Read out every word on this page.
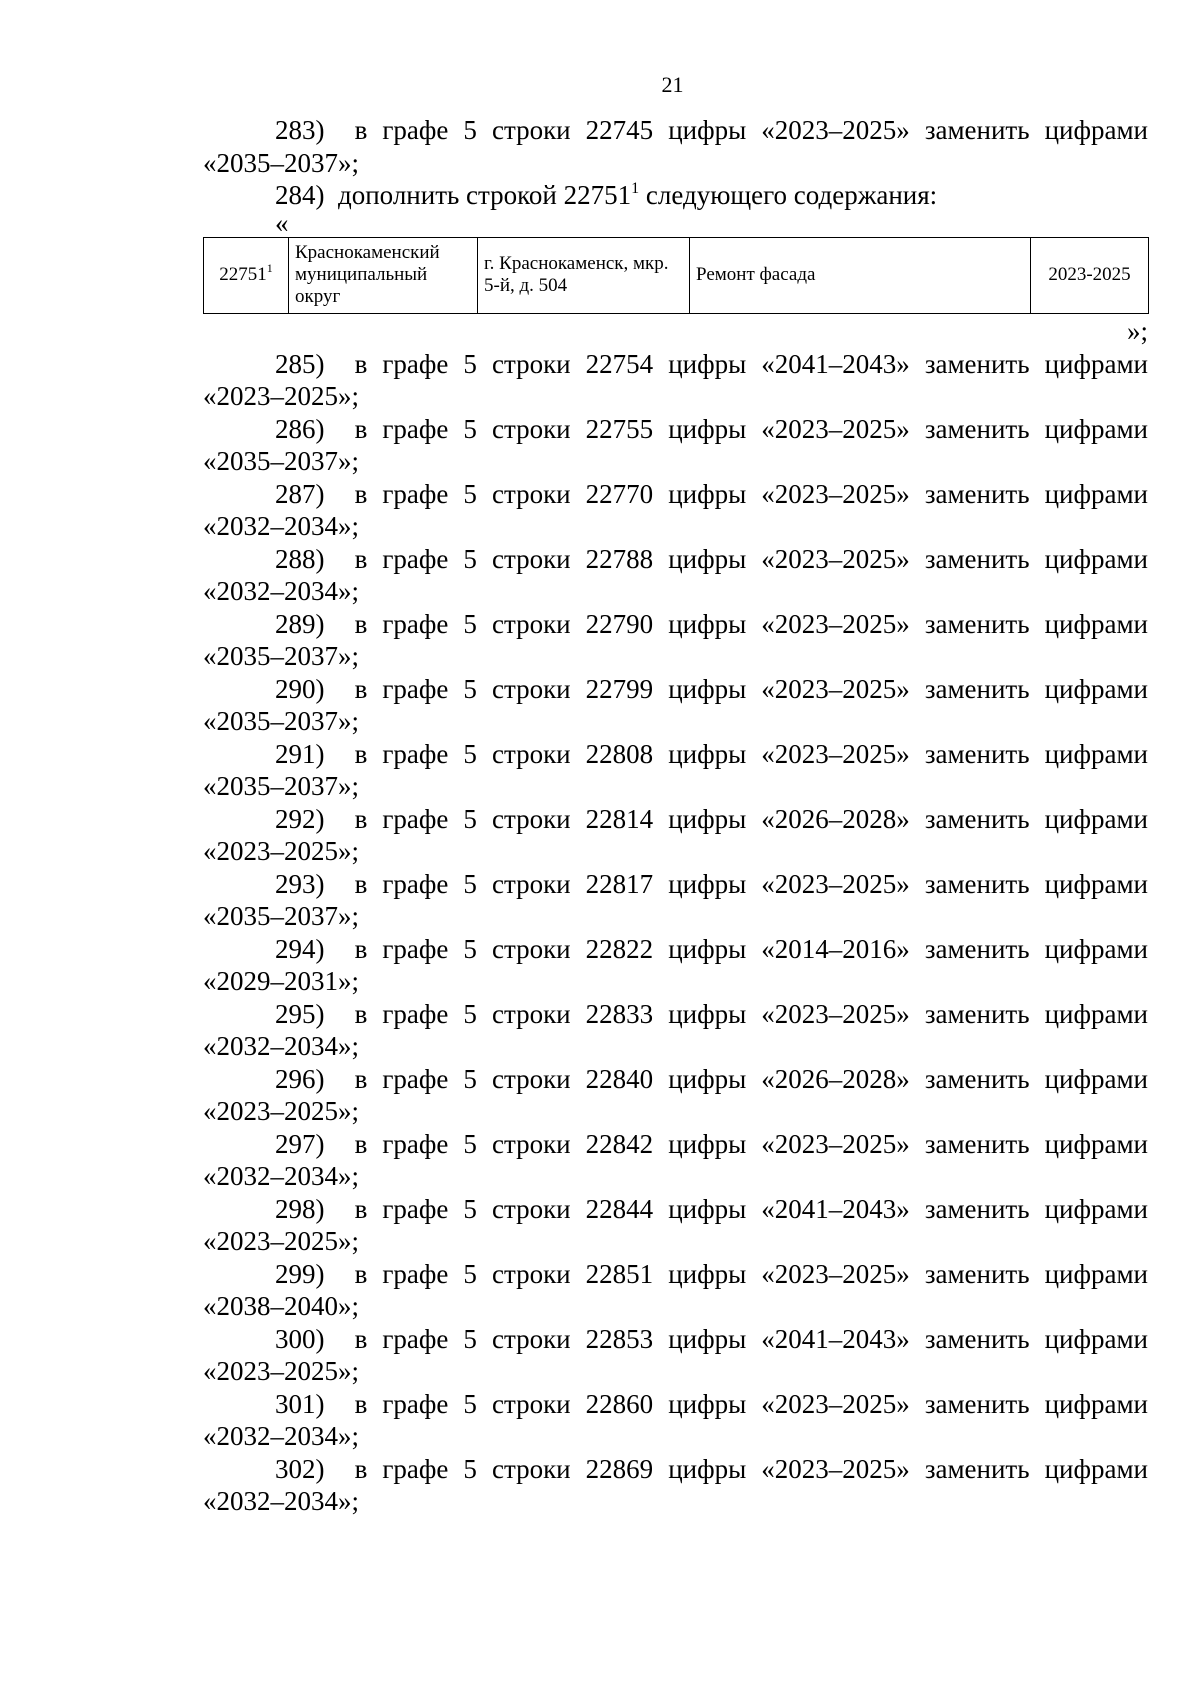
21

283)  в графе 5 строки 22745 цифры «2023–2025» заменить цифрами «2035–2037»;

284)  дополнить строкой 22751$^1$ следующего содержания:

«
22751$^1$	Краснокаменский муниципальный округ	г. Краснокаменск, мкр. 5-й, д. 504	Ремонт фасада	2023-2025
»;

285)  в графе 5 строки 22754 цифры «2041–2043» заменить цифрами «2023–2025»;

286)  в графе 5 строки 22755 цифры «2023–2025» заменить цифрами «2035–2037»;

287)  в графе 5 строки 22770 цифры «2023–2025» заменить цифрами «2032–2034»;

288)  в графе 5 строки 22788 цифры «2023–2025» заменить цифрами «2032–2034»;

289)  в графе 5 строки 22790 цифры «2023–2025» заменить цифрами «2035–2037»;

290)  в графе 5 строки 22799 цифры «2023–2025» заменить цифрами «2035–2037»;

291)  в графе 5 строки 22808 цифры «2023–2025» заменить цифрами «2035–2037»;

292)  в графе 5 строки 22814 цифры «2026–2028» заменить цифрами «2023–2025»;

293)  в графе 5 строки 22817 цифры «2023–2025» заменить цифрами «2035–2037»;

294)  в графе 5 строки 22822 цифры «2014–2016» заменить цифрами «2029–2031»;

295)  в графе 5 строки 22833 цифры «2023–2025» заменить цифрами «2032–2034»;

296)  в графе 5 строки 22840 цифры «2026–2028» заменить цифрами «2023–2025»;

297)  в графе 5 строки 22842 цифры «2023–2025» заменить цифрами «2032–2034»;

298)  в графе 5 строки 22844 цифры «2041–2043» заменить цифрами «2023–2025»;

299)  в графе 5 строки 22851 цифры «2023–2025» заменить цифрами «2038–2040»;

300)  в графе 5 строки 22853 цифры «2041–2043» заменить цифрами «2023–2025»;

301)  в графе 5 строки 22860 цифры «2023–2025» заменить цифрами «2032–2034»;

302)  в графе 5 строки 22869 цифры «2023–2025» заменить цифрами «2032–2034»;
